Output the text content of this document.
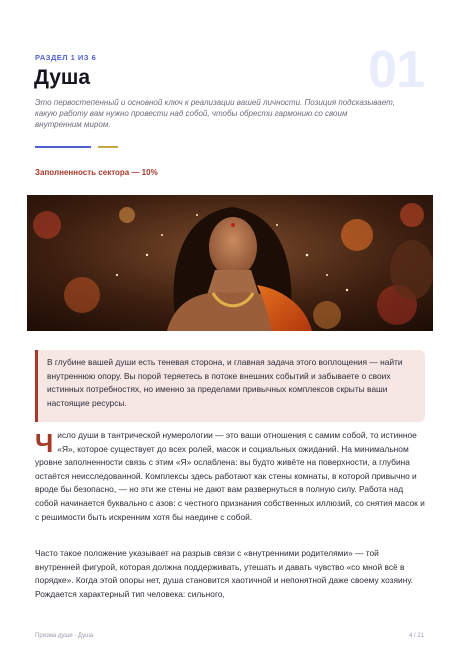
РАЗДЕЛ 1 ИЗ 6	01
Душа
Это первостепенный и основной ключ к реализации вашей личности. Позиция подсказывает, какую работу вам нужно провести над собой, чтобы обрести гармонию со своим внутренним миром.
Заполненность сектора — 10%
В глубине вашей души есть теневая сторона, и главная задача этого воплощения — найти внутреннюю опору. Вы порой теряетесь в потоке внешних событий и забываете о своих истинных потребностях, но именно за пределами привычных комплексов скрыты ваши настоящие ресурсы.

Число души в тантрической нумерологии — это ваши отношения с самим собой, то истинное «Я», которое существует до всех ролей, масок и социальных ожиданий. На минимальном уровне заполненности связь с этим «Я» ослаблена: вы будто живёте на поверхности, а глубина остаётся неисследованной. Комплексы здесь работают как стены комнаты, в которой привычно и вроде бы безопасно, — но эти же стены не дают вам развернуться в полную силу. Работа над собой начинается буквально с азов: с честного признания собственных иллюзий, со снятия масок и с решимости быть искренним хотя бы наедине с собой.

Часто такое положение указывает на разрыв связи с «внутренними родителями» — той внутренней фигурой, которая должна поддерживать, утешать и давать чувство «со мной всё в порядке». Когда этой опоры нет, душа становится хаотичной и непонятной даже своему хозяину. Рождается характерный тип человека: сильного,

Призма души · Душа	4 / 21
